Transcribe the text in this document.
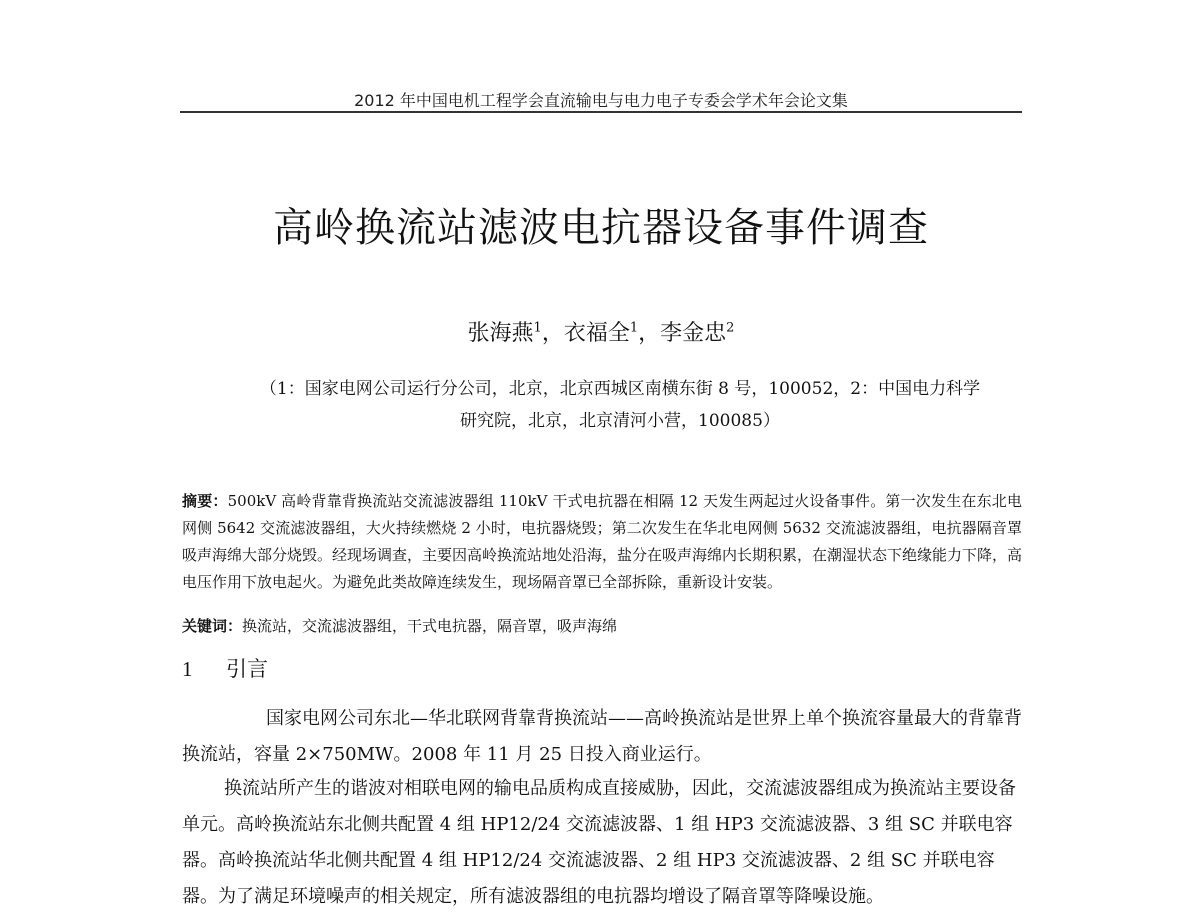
2012 年中国电机工程学会直流输电与电力电子专委会学术年会论文集
高岭换流站滤波电抗器设备事件调查
张海燕$^1$，衣福全$^1$，李金忠$^2$
（1：国家电网公司运行分公司，北京，北京西城区南横东街 8 号，100052，2：中国电力科学
研究院，北京，北京清河小营，100085）
摘要：500kV 高岭背靠背换流站交流滤波器组 110kV 干式电抗器在相隔 12 天发生两起过火设备事件。第一次发生在东北电网侧 5642 交流滤波器组，大火持续燃烧 2 小时，电抗器烧毁；第二次发生在华北电网侧 5632 交流滤波器组，电抗器隔音罩吸声海绵大部分烧毁。经现场调查，主要因高岭换流站地处沿海，盐分在吸声海绵内长期积累，在潮湿状态下绝缘能力下降，高电压作用下放电起火。为避免此类故障连续发生，现场隔音罩已全部拆除，重新设计安装。
关键词：换流站，交流滤波器组，干式电抗器，隔音罩，吸声海绵
1 引言

国家电网公司东北—华北联网背靠背换流站——高岭换流站是世界上单个换流容量最大的背靠背换流站，容量 2×750MW。2008 年 11 月 25 日投入商业运行。

换流站所产生的谐波对相联电网的输电品质构成直接威胁，因此，交流滤波器组成为换流站主要设备单元。高岭换流站东北侧共配置 4 组 HP12/24 交流滤波器、1 组 HP3 交流滤波器、3 组 SC 并联电容器。高岭换流站华北侧共配置 4 组 HP12/24 交流滤波器、2 组 HP3 交流滤波器、2 组 SC 并联电容器。为了满足环境噪声的相关规定，所有滤波器组的电抗器均增设了隔音罩等降噪设施。
